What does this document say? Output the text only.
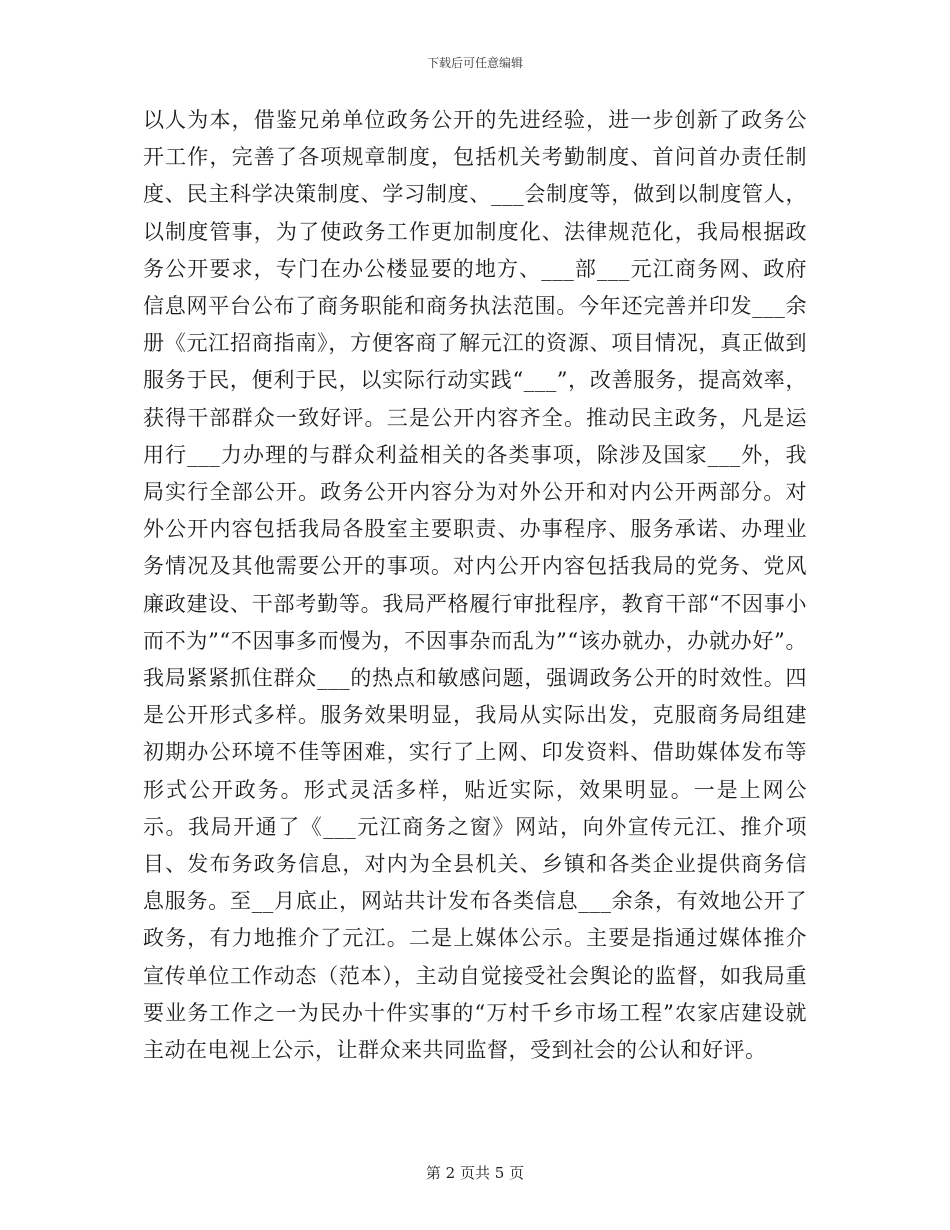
下载后可任意编辑

以人为本，借鉴兄弟单位政务公开的先进经验，进一步创新了政务公开工作，完善了各项规章制度，包括机关考勤制度、首问首办责任制度、民主科学决策制度、学习制度、___会制度等，做到以制度管人，以制度管事，为了使政务工作更加制度化、法律规范化，我局根据政务公开要求，专门在办公楼显要的地方、___部___元江商务网、政府信息网平台公布了商务职能和商务执法范围。今年还完善并印发___余册《元江招商指南》，方便客商了解元江的资源、项目情况，真正做到服务于民，便利于民，以实际行动实践“___”，改善服务，提高效率，获得干部群众一致好评。三是公开内容齐全。推动民主政务，凡是运用行___力办理的与群众利益相关的各类事项，除涉及国家___外，我局实行全部公开。政务公开内容分为对外公开和对内公开两部分。对外公开内容包括我局各股室主要职责、办事程序、服务承诺、办理业务情况及其他需要公开的事项。对内公开内容包括我局的党务、党风廉政建设、干部考勤等。我局严格履行审批程序，教育干部“不因事小而不为”“不因事多而慢为，不因事杂而乱为”“该办就办，办就办好”。我局紧紧抓住群众___的热点和敏感问题，强调政务公开的时效性。四是公开形式多样。服务效果明显，我局从实际出发，克服商务局组建初期办公环境不佳等困难，实行了上网、印发资料、借助媒体发布等形式公开政务。形式灵活多样，贴近实际，效果明显。一是上网公示。我局开通了《___元江商务之窗》网站，向外宣传元江、推介项目、发布务政务信息，对内为全县机关、乡镇和各类企业提供商务信息服务。至__月底止，网站共计发布各类信息___余条，有效地公开了政务，有力地推介了元江。二是上媒体公示。主要是指通过媒体推介宣传单位工作动态（范本），主动自觉接受社会舆论的监督，如我局重要业务工作之一为民办十件实事的“万村千乡市场工程”农家店建设就主动在电视上公示，让群众来共同监督，受到社会的公认和好评。

第 2 页共 5 页
